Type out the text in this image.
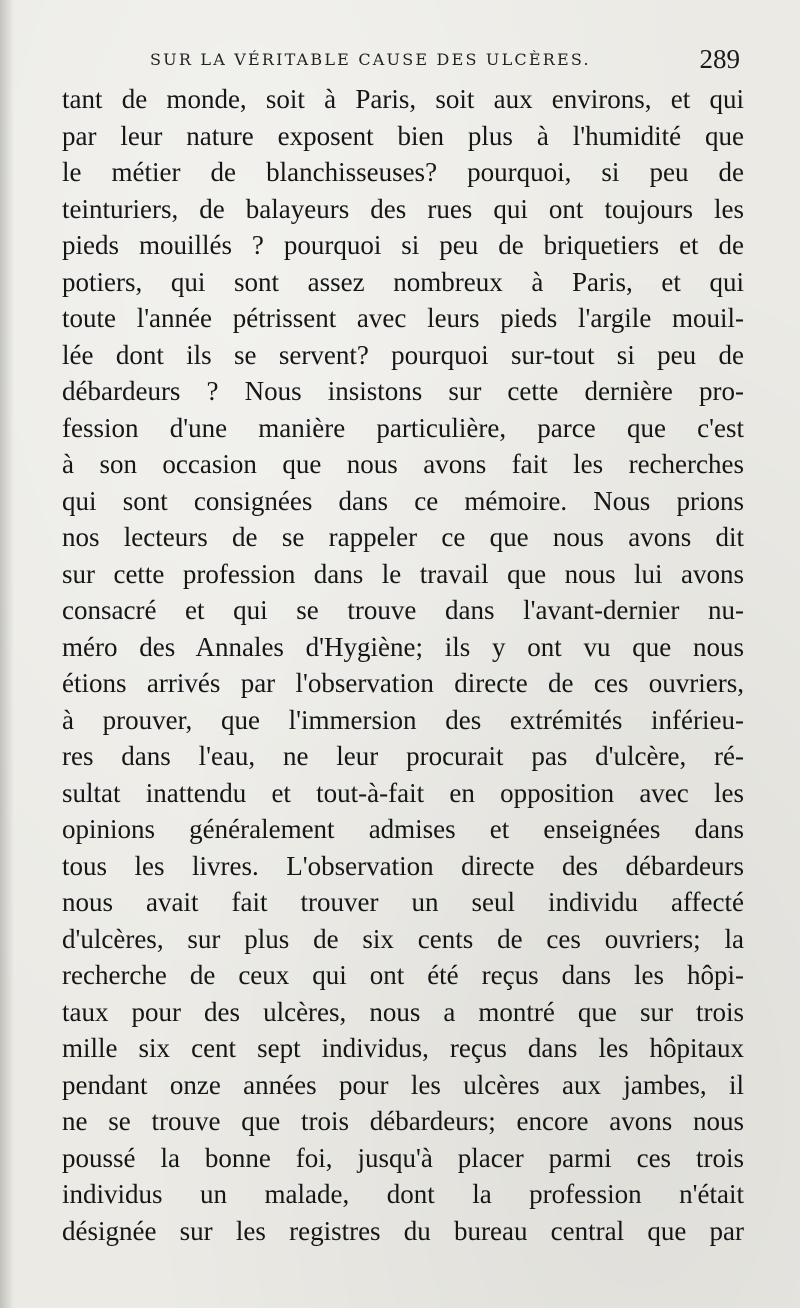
SUR LA VÉRITABLE CAUSE DES ULCÈRES.	289
tant de monde, soit à Paris, soit aux environs, et qui
par leur nature exposent bien plus à l'humidité que
le métier de blanchisseuses? pourquoi, si peu de
teinturiers, de balayeurs des rues qui ont toujours les
pieds mouillés ? pourquoi si peu de briquetiers et de
potiers, qui sont assez nombreux à Paris, et qui
toute l'année pétrissent avec leurs pieds l'argile mouil-
lée dont ils se servent? pourquoi sur-tout si peu de
débardeurs ? Nous insistons sur cette dernière pro-
fession d'une manière particulière, parce que c'est
à son occasion que nous avons fait les recherches
qui sont consignées dans ce mémoire. Nous prions
nos lecteurs de se rappeler ce que nous avons dit
sur cette profession dans le travail que nous lui avons
consacré et qui se trouve dans l'avant-dernier nu-
méro des Annales d'Hygiène; ils y ont vu que nous
étions arrivés par l'observation directe de ces ouvriers,
à prouver, que l'immersion des extrémités inférieu-
res dans l'eau, ne leur procurait pas d'ulcère, ré-
sultat inattendu et tout-à-fait en opposition avec les
opinions généralement admises et enseignées dans
tous les livres. L'observation directe des débardeurs
nous avait fait trouver un seul individu affecté
d'ulcères, sur plus de six cents de ces ouvriers; la
recherche de ceux qui ont été reçus dans les hôpi-
taux pour des ulcères, nous a montré que sur trois
mille six cent sept individus, reçus dans les hôpitaux
pendant onze années pour les ulcères aux jambes, il
ne se trouve que trois débardeurs; encore avons nous
poussé la bonne foi, jusqu'à placer parmi ces trois
individus un malade, dont la profession n'était
désignée sur les registres du bureau central que par
